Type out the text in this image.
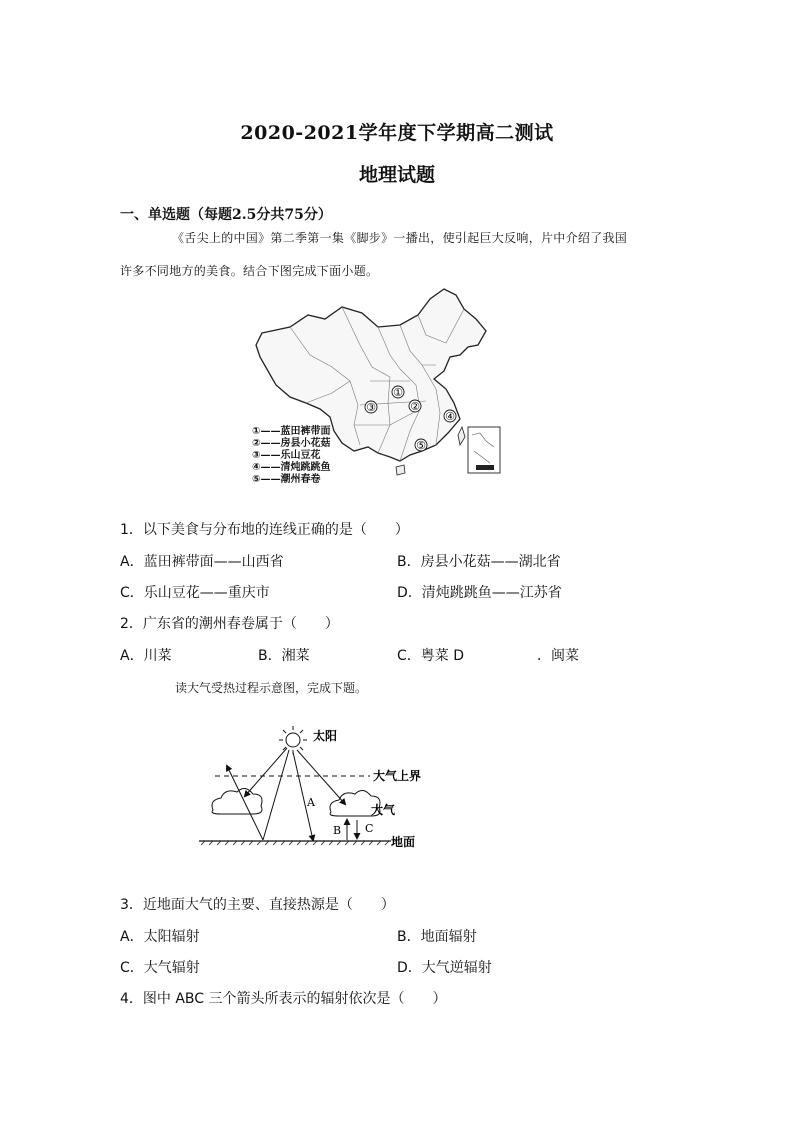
2020-2021学年度下学期高二测试
地理试题
一、单选题（每题2.5分共75分）
《舌尖上的中国》第二季第一集《脚步》一播出，使引起巨大反响，片中介绍了我国
许多不同地方的美食。结合下图完成下面小题。
①
②
③
④
⑤
①——蓝田裤带面
②——房县小花菇
③——乐山豆花
④——清炖跳跳鱼
⑤——潮州春卷
1．以下美食与分布地的连线正确的是（　　）
A．蓝田裤带面——山西省	B．房县小花菇——湖北省
C．乐山豆花——重庆市	D．清炖跳跳鱼——江苏省
2．广东省的潮州春卷属于（　　）
A．川菜	B．湘菜	C．粤菜 D	．闽菜
读大气受热过程示意图，完成下题。
太阳
大气上界
大气
A
B C
地面
3．近地面大气的主要、直接热源是（　　）
A．太阳辐射	B．地面辐射
C．大气辐射	D．大气逆辐射
4．图中 ABC 三个箭头所表示的辐射依次是（　　）
